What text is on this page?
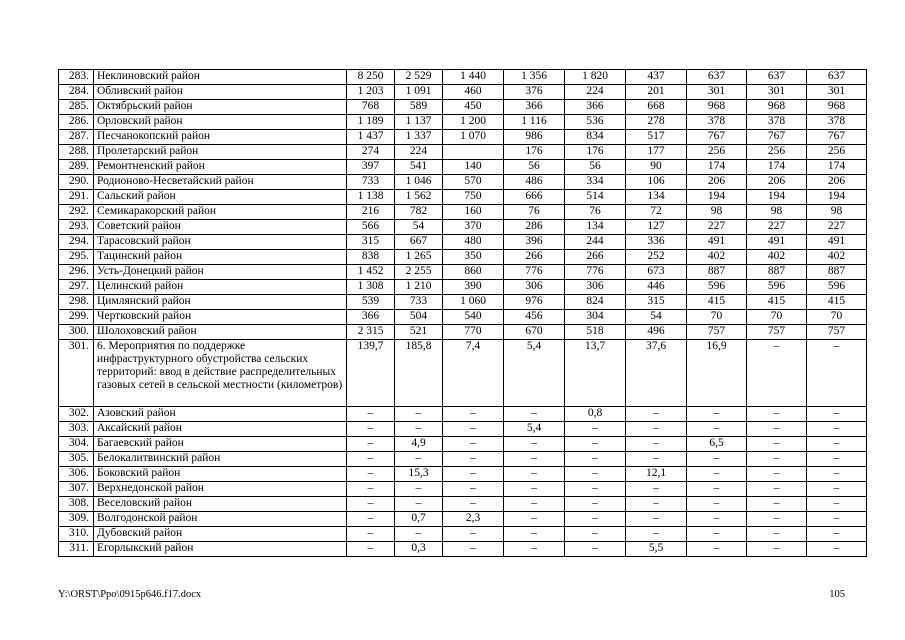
283.	Неклиновский район	8 250	2 529	1 440	1 356	1 820	437	637	637	637
284.	Обливский район	1 203	1 091	460	376	224	201	301	301	301
285.	Октябрьский район	768	589	450	366	366	668	968	968	968
286.	Орловский район	1 189	1 137	1 200	1 116	536	278	378	378	378
287.	Песчанокопский район	1 437	1 337	1 070	986	834	517	767	767	767
288.	Пролетарский район	274	224		176	176	177	256	256	256
289.	Ремонтненский район	397	541	140	56	56	90	174	174	174
290.	Родионово-Несветайский район	733	1 046	570	486	334	106	206	206	206
291.	Сальский район	1 138	1 562	750	666	514	134	194	194	194
292.	Семикаракорский район	216	782	160	76	76	72	98	98	98
293.	Советский район	566	54	370	286	134	127	227	227	227
294.	Тарасовский район	315	667	480	396	244	336	491	491	491
295.	Тацинский район	838	1 265	350	266	266	252	402	402	402
296.	Усть-Донецкий район	1 452	2 255	860	776	776	673	887	887	887
297.	Целинский район	1 308	1 210	390	306	306	446	596	596	596
298.	Цимлянский район	539	733	1 060	976	824	315	415	415	415
299.	Чертковский район	366	504	540	456	304	54	70	70	70
300.	Шолоховский район	2 315	521	770	670	518	496	757	757	757
301.	6. Мероприятия по поддержке инфраструктурного обустройства сельских территорий: ввод в действие распределительных газовых сетей в сельской местности (километров)	139,7	185,8	7,4	5,4	13,7	37,6	16,9	–	–
302.	Азовский район	–	–	–	–	0,8	–	–	–	–
303.	Аксайский район	–	–	–	5,4	–	–	–	–	–
304.	Багаевский район	–	4,9	–	–	–	–	6,5	–	–
305.	Белокалитвинский район	–	–	–	–	–	–	–	–	–
306.	Боковский район	–	15,3	–	–	–	12,1	–	–	–
307.	Верхнедонской район	–	–	–	–	–	–	–	–	–
308.	Веселовский район	–	–	–	–	–	–	–	–	–
309.	Волгодонской район	–	0,7	2,3	–	–	–	–	–	–
310.	Дубовский район	–	–	–	–	–	–	–	–	–
311.	Егорлыкский район	–	0,3	–	–	–	5,5	–	–	–
Y:\ORST\Ppo\0915p646.f17.docx	105
